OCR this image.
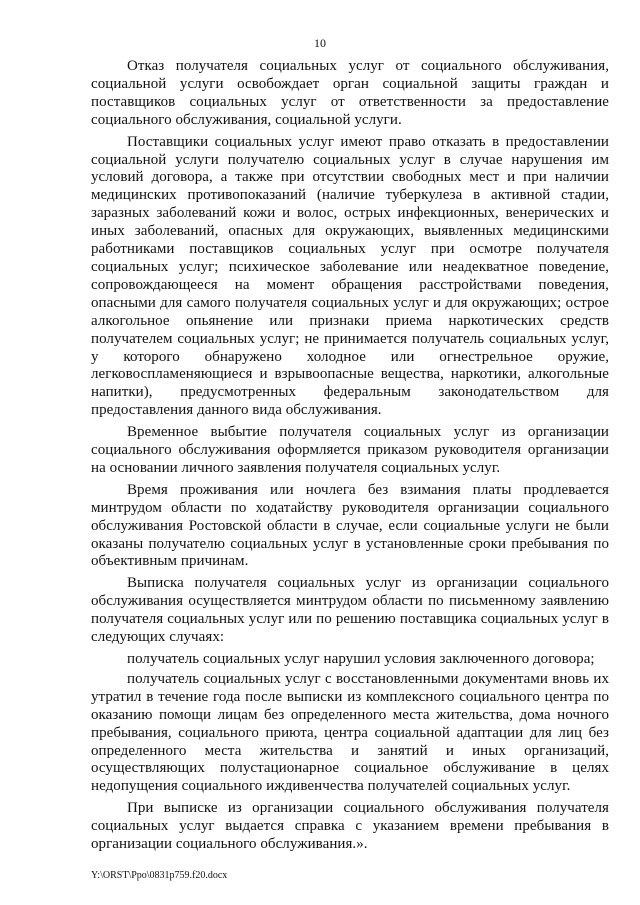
10

Отказ получателя социальных услуг от социального обслуживания, социальной услуги освобождает орган социальной защиты граждан и поставщиков социальных услуг от ответственности за предоставление социального обслуживания, социальной услуги.

Поставщики социальных услуг имеют право отказать в предоставлении социальной услуги получателю социальных услуг в случае нарушения им условий договора, а также при отсутствии свободных мест и при наличии медицинских противопоказаний (наличие туберкулеза в активной стадии, заразных заболеваний кожи и волос, острых инфекционных, венерических и иных заболеваний, опасных для окружающих, выявленных медицинскими работниками поставщиков социальных услуг при осмотре получателя социальных услуг; психическое заболевание или неадекватное поведение, сопровождающееся на момент обращения расстройствами поведения, опасными для самого получателя социальных услуг и для окружающих; острое алкогольное опьянение или признаки приема наркотических средств получателем социальных услуг; не принимается получатель социальных услуг, у которого обнаружено холодное или огнестрельное оружие, легковоспламеняющиеся и взрывоопасные вещества, наркотики, алкогольные напитки), предусмотренных федеральным законодательством для предоставления данного вида обслуживания.

Временное выбытие получателя социальных услуг из организации социального обслуживания оформляется приказом руководителя организации на основании личного заявления получателя социальных услуг.

Время проживания или ночлега без взимания платы продлевается минтрудом области по ходатайству руководителя организации социального обслуживания Ростовской области в случае, если социальные услуги не были оказаны получателю социальных услуг в установленные сроки пребывания по объективным причинам.

Выписка получателя социальных услуг из организации социального обслуживания осуществляется минтрудом области по письменному заявлению получателя социальных услуг или по решению поставщика социальных услуг в следующих случаях:

получатель социальных услуг нарушил условия заключенного договора;

получатель социальных услуг с восстановленными документами вновь их утратил в течение года после выписки из комплексного социального центра по оказанию помощи лицам без определенного места жительства, дома ночного пребывания, социального приюта, центра социальной адаптации для лиц без определенного места жительства и занятий и иных организаций, осуществляющих полустационарное социальное обслуживание в целях недопущения социального иждивенчества получателей социальных услуг.

При выписке из организации социального обслуживания получателя социальных услуг выдается справка с указанием времени пребывания в организации социального обслуживания.».

Y:\ORST\Ppo\0831p759.f20.docx
